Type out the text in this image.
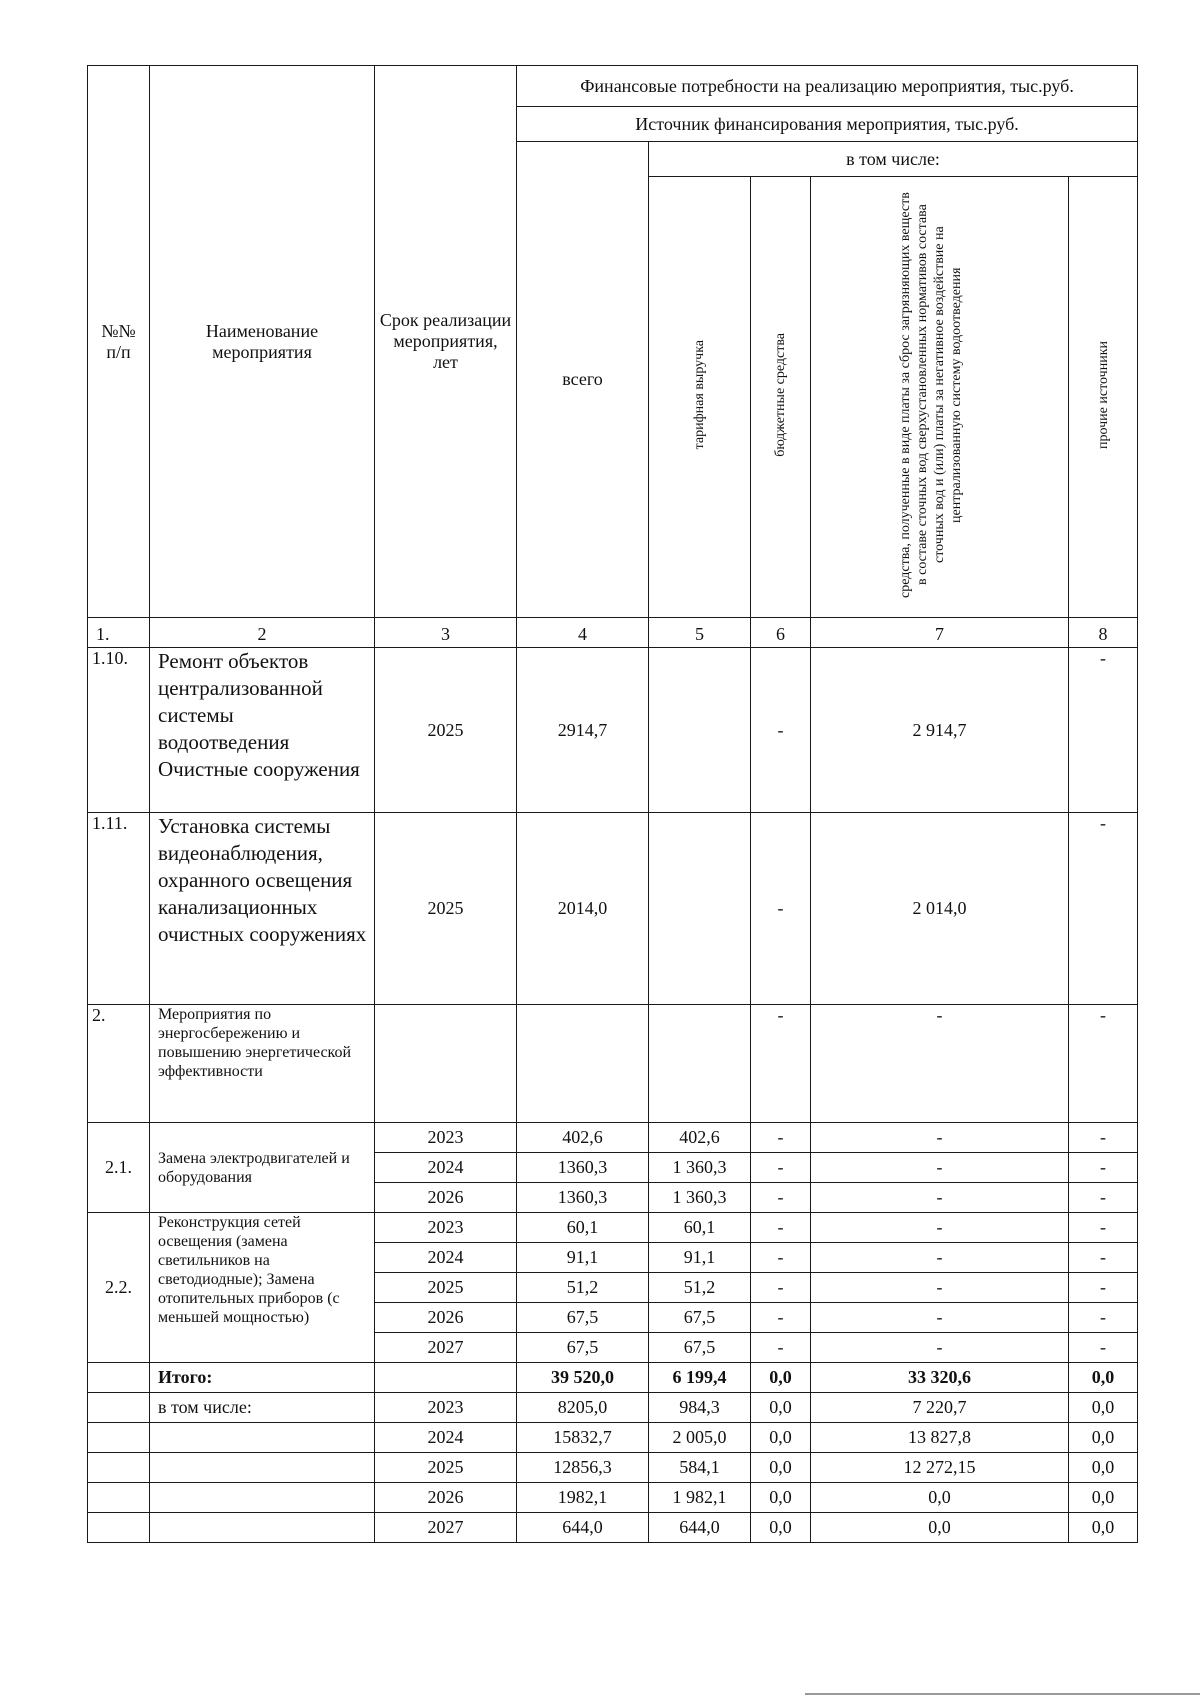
№№ п/п	Наименование мероприятия	Срок реализации мероприятия, лет	Финансовые потребности на реализацию мероприятия, тыс.руб.				
			Источник финансирования мероприятия, тыс.руб.				
			всего	в том числе:			
				тарифная выручка	бюджетные средства	средства, полученные в виде платы за сброс загрязняющих веществ в составе сточных вод сверхустановленных нормативов состава сточных вод и (или) платы за негативное воздействие на централизованную систему водоотведения	прочие источники
1.	2	3	4	5	6	7	8
1.10.	Ремонт объектов централизованной системы водоотведения Очистные сооружения	2025	2914,7		-	2 914,7	-
1.11.	Установка системы видеонаблюдения, охранного освещения канализационных очистных сооружениях	2025	2014,0		-	2 014,0	-
2.	Мероприятия по энергосбережению и повышению энергетической эффективности				-	-	-
2.1.	Замена электродвигателей и оборудования	2023	402,6	402,6	-	-	-
		2024	1360,3	1 360,3	-	-	-
		2026	1360,3	1 360,3	-	-	-
2.2.	Реконструкция сетей освещения (замена светильников на светодиодные); Замена отопительных приборов (с меньшей мощностью)	2023	60,1	60,1	-	-	-
		2024	91,1	91,1	-	-	-
		2025	51,2	51,2	-	-	-
		2026	67,5	67,5	-	-	-
		2027	67,5	67,5	-	-	-
	Итого:		39 520,0	6 199,4	0,0	33 320,6	0,0
	в том числе:	2023	8205,0	984,3	0,0	7 220,7	0,0
		2024	15832,7	2 005,0	0,0	13 827,8	0,0
		2025	12856,3	584,1	0,0	12 272,15	0,0
		2026	1982,1	1 982,1	0,0	0,0	0,0
		2027	644,0	644,0	0,0	0,0	0,0
